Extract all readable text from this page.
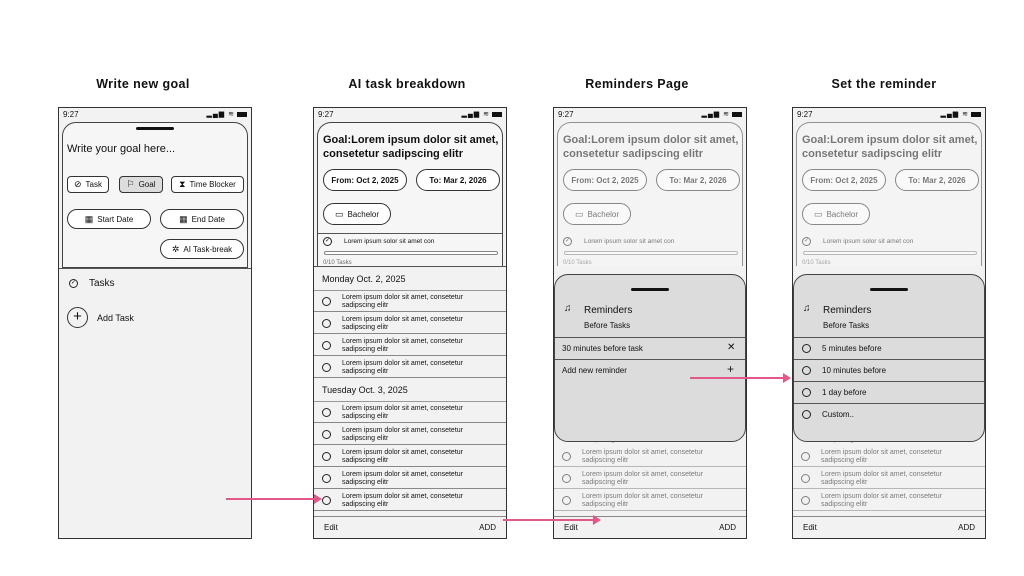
Write new goal	AI task breakdown	Reminders Page	Set the reminder
9:27	▂▄▆ ≋
Write your goal here...
⊘ Task	⚐ Goal	⧗ Time Blocker
▦ Start Date	▦ End Date
✲ AI Task-break
✓ Tasks
+	Add Task
9:27	▂▄▆ ≋
Goal:Lorem ipsum dolor sit amet, consetetur sadipscing elitr
From: Oct 2, 2025	To: Mar 2, 2026
▭ Bachelor
✓	Lorem ipsum solor sit amet con
0/10 Tasks
Monday Oct. 2, 2025
Lorem ipsum dolor sit amet, consetetur sadipscing elitr
Lorem ipsum dolor sit amet, consetetur sadipscing elitr
Lorem ipsum dolor sit amet, consetetur sadipscing elitr
Lorem ipsum dolor sit amet, consetetur sadipscing elitr
Tuesday Oct. 3, 2025
Lorem ipsum dolor sit amet, consetetur sadipscing elitr
Lorem ipsum dolor sit amet, consetetur sadipscing elitr
Lorem ipsum dolor sit amet, consetetur sadipscing elitr
Lorem ipsum dolor sit amet, consetetur sadipscing elitr
Lorem ipsum dolor sit amet, consetetur sadipscing elitr
Edit	ADD
9:27	▂▄▆ ≋
Goal:Lorem ipsum dolor sit amet, consetetur sadipscing elitr
From: Oct 2, 2025	To: Mar 2, 2026
▭ Bachelor
✓	Lorem ipsum solor sit amet con
0/10 Tasks
Lorem ipsum dolor sit amet, consetetur sadipscing elitr
Lorem ipsum dolor sit amet, consetetur sadipscing elitr
Lorem ipsum dolor sit amet, consetetur sadipscing elitr
♫ Reminders
Before Tasks
30 minutes before task	✕
Add new reminder	+
Edit	ADD
9:27	▂▄▆ ≋
Goal:Lorem ipsum dolor sit amet, consetetur sadipscing elitr
From: Oct 2, 2025	To: Mar 2, 2026
▭ Bachelor
✓	Lorem ipsum solor sit amet con
0/10 Tasks
Lorem ipsum dolor sit amet, consetetur sadipscing elitr
Lorem ipsum dolor sit amet, consetetur sadipscing elitr
Lorem ipsum dolor sit amet, consetetur sadipscing elitr
♫ Reminders
Before Tasks
5 minutes before
10 minutes before
1 day before
Custom..
Edit	ADD
